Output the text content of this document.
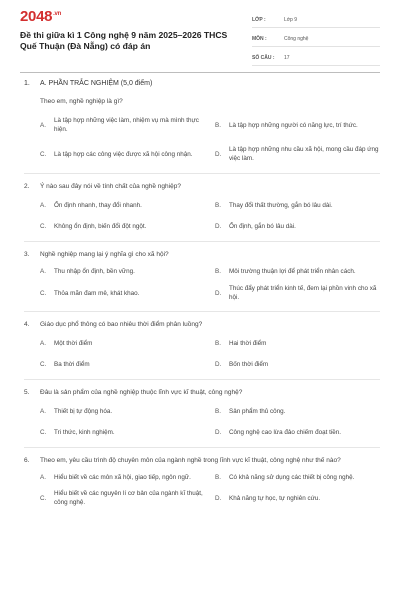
$2048^{.vn}$
Đề thi giữa kì 1 Công nghệ 9 năm 2025–2026 THCS Quế Thuận (Đà Nẵng) có đáp án
LỚP :	Lớp 9
MÔN :	Công nghệ
SỐ CÂU :	17
1.	A. PHẦN TRẮC NGHIỆM (5,0 điểm)
Theo em, nghề nghiệp là gì?
A.
Là tập hợp những việc làm, nhiệm vụ mà mình thực hiện.
B.	Là tập hợp những người có năng lực, trí thức.
C.	Là tập hợp các công việc được xã hội công nhận.	D.
Là tập hợp những nhu cầu xã hội, mong cầu đáp ứng việc làm.
2.	Ý nào sau đây nói về tính chất của nghề nghiệp?
A.	Ổn định nhanh, thay đổi nhanh.	B.	Thay đổi thất thường, gắn bó lâu dài.
C.	Không ổn định, biến đổi đột ngột.	D.	Ổn định, gắn bó lâu dài.
3.	Nghề nghiệp mang lại ý nghĩa gì cho xã hội?
A.	Thu nhập ổn định, bền vững.	B.	Môi trường thuận lợi để phát triển nhân cách.
C.	Thỏa mãn đam mê, khát khao.	D.
Thúc đẩy phát triển kinh tế, đem lại phồn vinh cho xã hội.
4.	Giáo dục phổ thông có bao nhiêu thời điểm phân luồng?
A.	Một thời điểm	B.	Hai thời điểm
C.	Ba thời điểm	D.	Bốn thời điểm
5.	Đâu là sản phẩm của nghề nghiệp thuộc lĩnh vực kĩ thuật, công nghệ?
A.	Thiết bị tự động hóa.	B.	Sản phẩm thủ công.
C.	Tri thức, kinh nghiệm.	D.	Công nghệ cao lừa đảo chiếm đoạt tiền.
6.	Theo em, yêu cầu trình độ chuyên môn của ngành nghề trong lĩnh vực kĩ thuật, công nghệ như thế nào?
A.	Hiểu biết về các môn xã hội, giao tiếp, ngôn ngữ.	B.	Có khả năng sử dụng các thiết bị công nghệ.
C.
Hiểu biết về các nguyên lí cơ bản của ngành kĩ thuật, công nghệ.
D.	Khả năng tự học, tự nghiên cứu.
